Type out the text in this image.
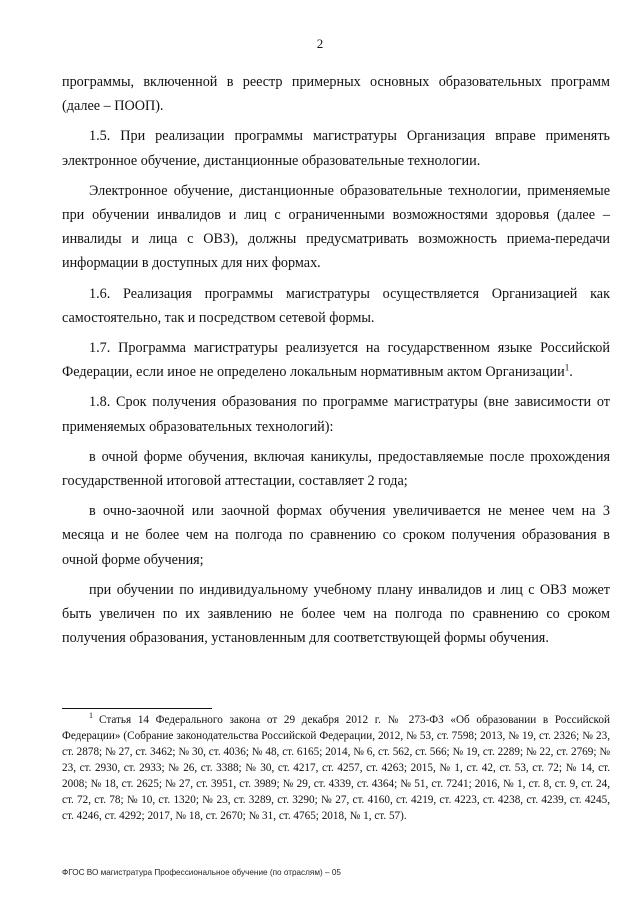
2

программы, включенной в реестр примерных основных образовательных программ (далее – ПООП).

1.5. При реализации программы магистратуры Организация вправе применять электронное обучение, дистанционные образовательные технологии.

Электронное обучение, дистанционные образовательные технологии, применяемые при обучении инвалидов и лиц с ограниченными возможностями здоровья (далее – инвалиды и лица с ОВЗ), должны предусматривать возможность приема-передачи информации в доступных для них формах.

1.6. Реализация программы магистратуры осуществляется Организацией как самостоятельно, так и посредством сетевой формы.

1.7. Программа магистратуры реализуется на государственном языке Российской Федерации, если иное не определено локальным нормативным актом Организации$^1$.

1.8. Срок получения образования по программе магистратуры (вне зависимости от применяемых образовательных технологий):

в очной форме обучения, включая каникулы, предоставляемые после прохождения государственной итоговой аттестации, составляет 2 года;

в очно-заочной или заочной формах обучения увеличивается не менее чем на 3 месяца и не более чем на полгода по сравнению со сроком получения образования в очной форме обучения;

при обучении по индивидуальному учебному плану инвалидов и лиц с ОВЗ может быть увеличен по их заявлению не более чем на полгода по сравнению со сроком получения образования, установленным для соответствующей формы обучения.

$^1$ Статья 14 Федерального закона от 29 декабря 2012 г. № 273-ФЗ «Об образовании в Российской Федерации» (Собрание законодательства Российской Федерации, 2012, № 53, ст. 7598; 2013, № 19, ст. 2326; № 23, ст. 2878; № 27, ст. 3462; № 30, ст. 4036; № 48, ст. 6165; 2014, № 6, ст. 562, ст. 566; № 19, ст. 2289; № 22, ст. 2769; № 23, ст. 2930, ст. 2933; № 26, ст. 3388; № 30, ст. 4217, ст. 4257, ст. 4263; 2015, № 1, ст. 42, ст. 53, ст. 72; № 14, ст. 2008; № 18, ст. 2625; № 27, ст. 3951, ст. 3989; № 29, ст. 4339, ст. 4364; № 51, ст. 7241; 2016, № 1, ст. 8, ст. 9, ст. 24, ст. 72, ст. 78; № 10, ст. 1320; № 23, ст. 3289, ст. 3290; № 27, ст. 4160, ст. 4219, ст. 4223, ст. 4238, ст. 4239, ст. 4245, ст. 4246, ст. 4292; 2017, № 18, ст. 2670; № 31, ст. 4765; 2018, № 1, ст. 57).
ФГОС ВО магистратура Профессиональное обучение (по отраслям) – 05
